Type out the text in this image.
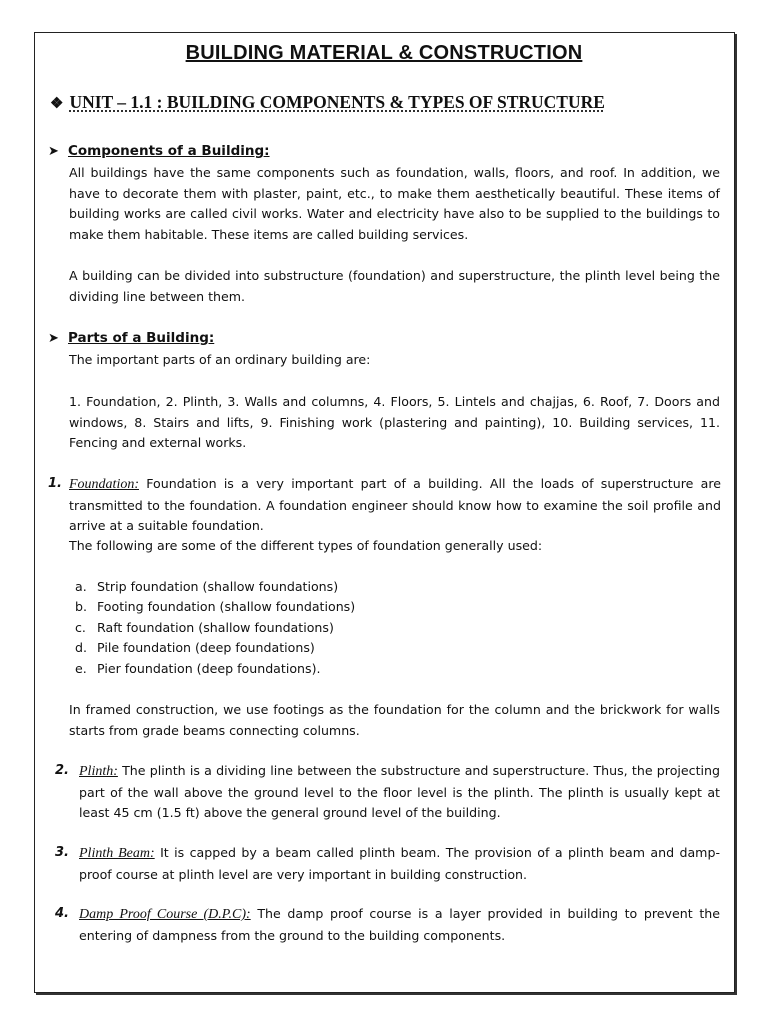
BUILDING MATERIAL & CONSTRUCTION
❖ UNIT – 1.1 : BUILDING COMPONENTS & TYPES OF STRUCTURE
➤ Components of a Building:

All buildings have the same components such as foundation, walls, floors, and roof. In addition, we have to decorate them with plaster, paint, etc., to make them aesthetically beautiful. These items of building works are called civil works. Water and electricity have also to be supplied to the buildings to make them habitable. These items are called building services.

A building can be divided into substructure (foundation) and superstructure, the plinth level being the dividing line between them.

➤ Parts of a Building:

The important parts of an ordinary building are:

1. Foundation, 2. Plinth, 3. Walls and columns, 4. Floors, 5. Lintels and chajjas, 6. Roof, 7. Doors and windows, 8. Stairs and lifts, 9. Finishing work (plastering and painting), 10. Building services, 11. Fencing and external works.

1. Foundation: Foundation is a very important part of a building. All the loads of superstructure are transmitted to the foundation. A foundation engineer should know how to examine the soil profile and arrive at a suitable foundation.

The following are some of the different types of foundation generally used:

a. Strip foundation (shallow foundations)
b. Footing foundation (shallow foundations)
c. Raft foundation (shallow foundations)
d. Pile foundation (deep foundations)
e. Pier foundation (deep foundations).

In framed construction, we use footings as the foundation for the column and the brickwork for walls starts from grade beams connecting columns.

2. Plinth: The plinth is a dividing line between the substructure and superstructure. Thus, the projecting part of the wall above the ground level to the floor level is the plinth. The plinth is usually kept at least 45 cm (1.5 ft) above the general ground level of the building.

3. Plinth Beam: It is capped by a beam called plinth beam. The provision of a plinth beam and damp-proof course at plinth level are very important in building construction.

4. Damp Proof Course (D.P.C): The damp proof course is a layer provided in building to prevent the entering of dampness from the ground to the building components.
